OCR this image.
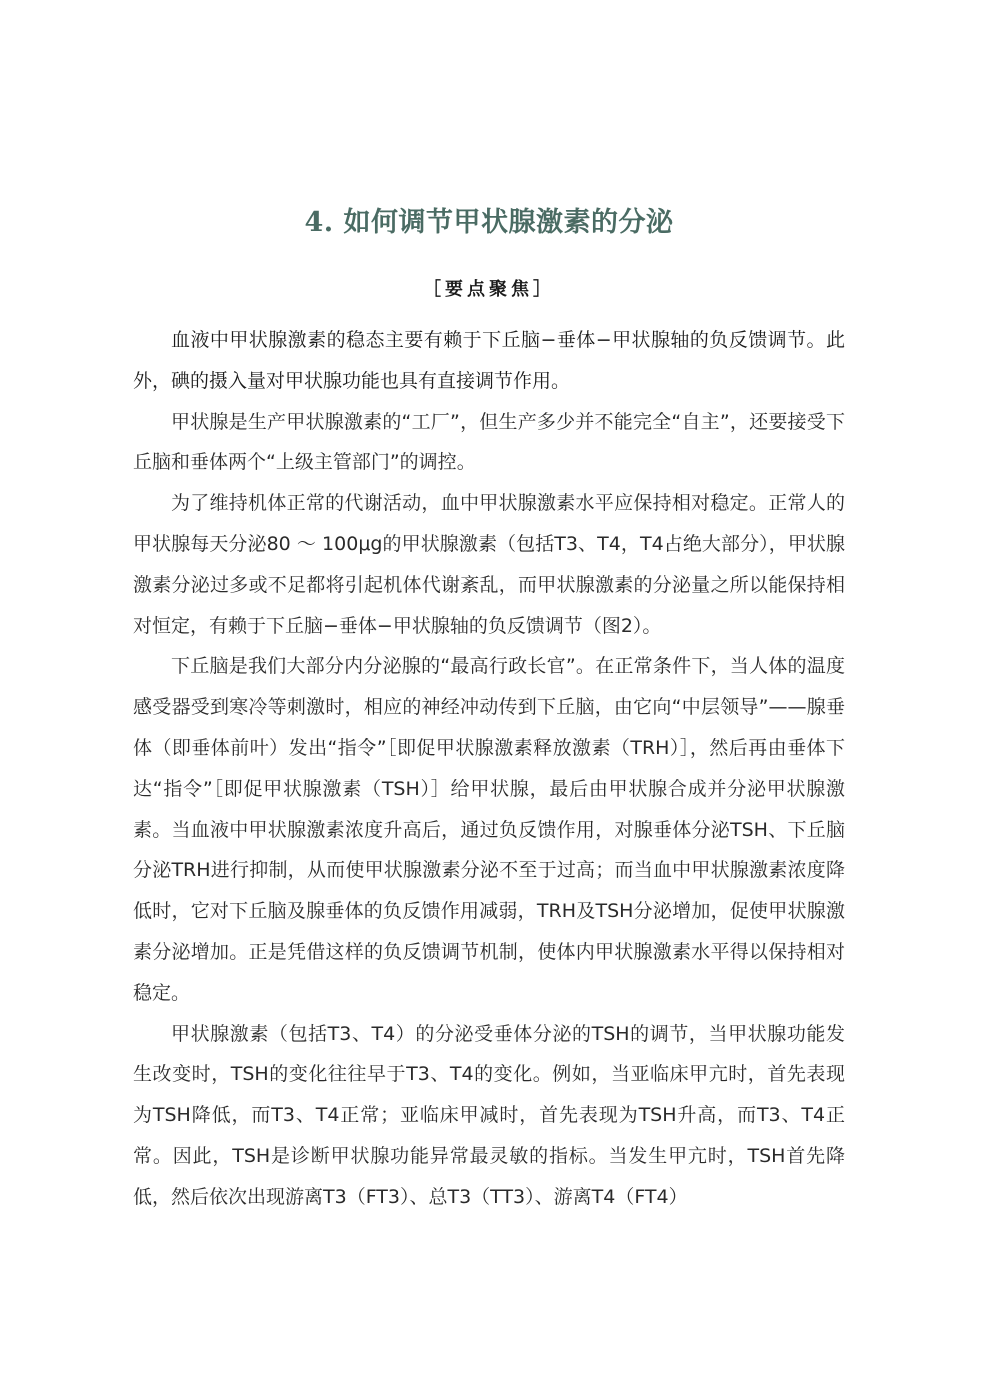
4. 如何调节甲状腺激素的分泌
［要点聚焦］

血液中甲状腺激素的稳态主要有赖于下丘脑−垂体−甲状腺轴的负反馈调节。此外，碘的摄入量对甲状腺功能也具有直接调节作用。

甲状腺是生产甲状腺激素的“工厂”，但生产多少并不能完全“自主”，还要接受下丘脑和垂体两个“上级主管部门”的调控。

为了维持机体正常的代谢活动，血中甲状腺激素水平应保持相对稳定。正常人的甲状腺每天分泌80 ～ 100μg的甲状腺激素（包括T3、T4，T4占绝大部分），甲状腺激素分泌过多或不足都将引起机体代谢紊乱，而甲状腺激素的分泌量之所以能保持相对恒定，有赖于下丘脑−垂体−甲状腺轴的负反馈调节（图2）。

下丘脑是我们大部分内分泌腺的“最高行政长官”。在正常条件下，当人体的温度感受器受到寒冷等刺激时，相应的神经冲动传到下丘脑，由它向“中层领导”——腺垂体（即垂体前叶）发出“指令”［即促甲状腺激素释放激素（TRH）］，然后再由垂体下达“指令”［即促甲状腺激素（TSH）］给甲状腺，最后由甲状腺合成并分泌甲状腺激素。当血液中甲状腺激素浓度升高后，通过负反馈作用，对腺垂体分泌TSH、下丘脑分泌TRH进行抑制，从而使甲状腺激素分泌不至于过高；而当血中甲状腺激素浓度降低时，它对下丘脑及腺垂体的负反馈作用减弱，TRH及TSH分泌增加，促使甲状腺激素分泌增加。正是凭借这样的负反馈调节机制，使体内甲状腺激素水平得以保持相对稳定。

甲状腺激素（包括T3、T4）的分泌受垂体分泌的TSH的调节，当甲状腺功能发生改变时，TSH的变化往往早于T3、T4的变化。例如，当亚临床甲亢时，首先表现为TSH降低，而T3、T4正常；亚临床甲减时，首先表现为TSH升高，而T3、T4正常。因此，TSH是诊断甲状腺功能异常最灵敏的指标。当发生甲亢时，TSH首先降低，然后依次出现游离T3（FT3）、总T3（TT3）、游离T4（FT4）
